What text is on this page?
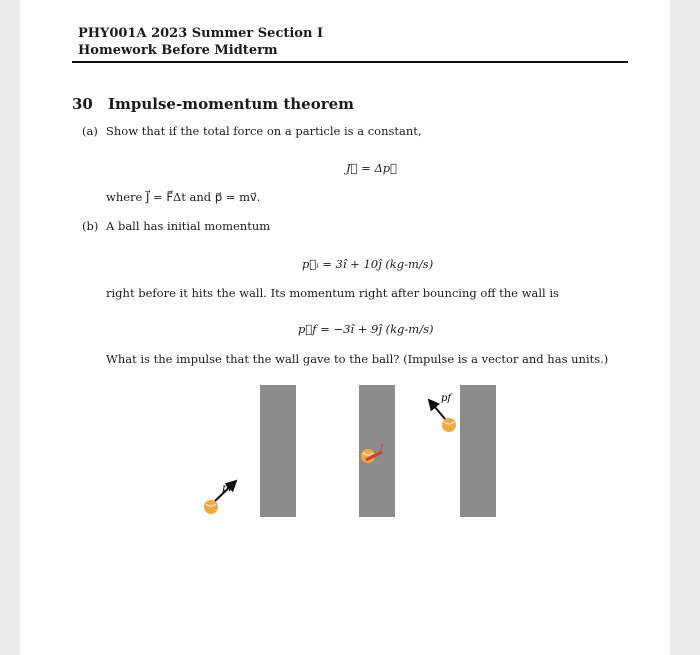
PHY001A 2023 Summer Section I
Homework Before Midterm
30 Impulse-momentum theorem
(a) Show that if the total force on a particle is a constant,
J⃗ = Δp⃗
where J⃗ = F⃗Δt and p⃗ = mv⃗.
(b) A ball has initial momentum
p⃗ᵢ = 3î + 10ĵ (kg-m/s)
right before it hits the wall. Its momentum right after bouncing off the wall is
p⃗f = −3î + 9ĵ (kg-m/s)
What is the impulse that the wall gave to the ball? (Impulse is a vector and has units.)
pi
J
pf
